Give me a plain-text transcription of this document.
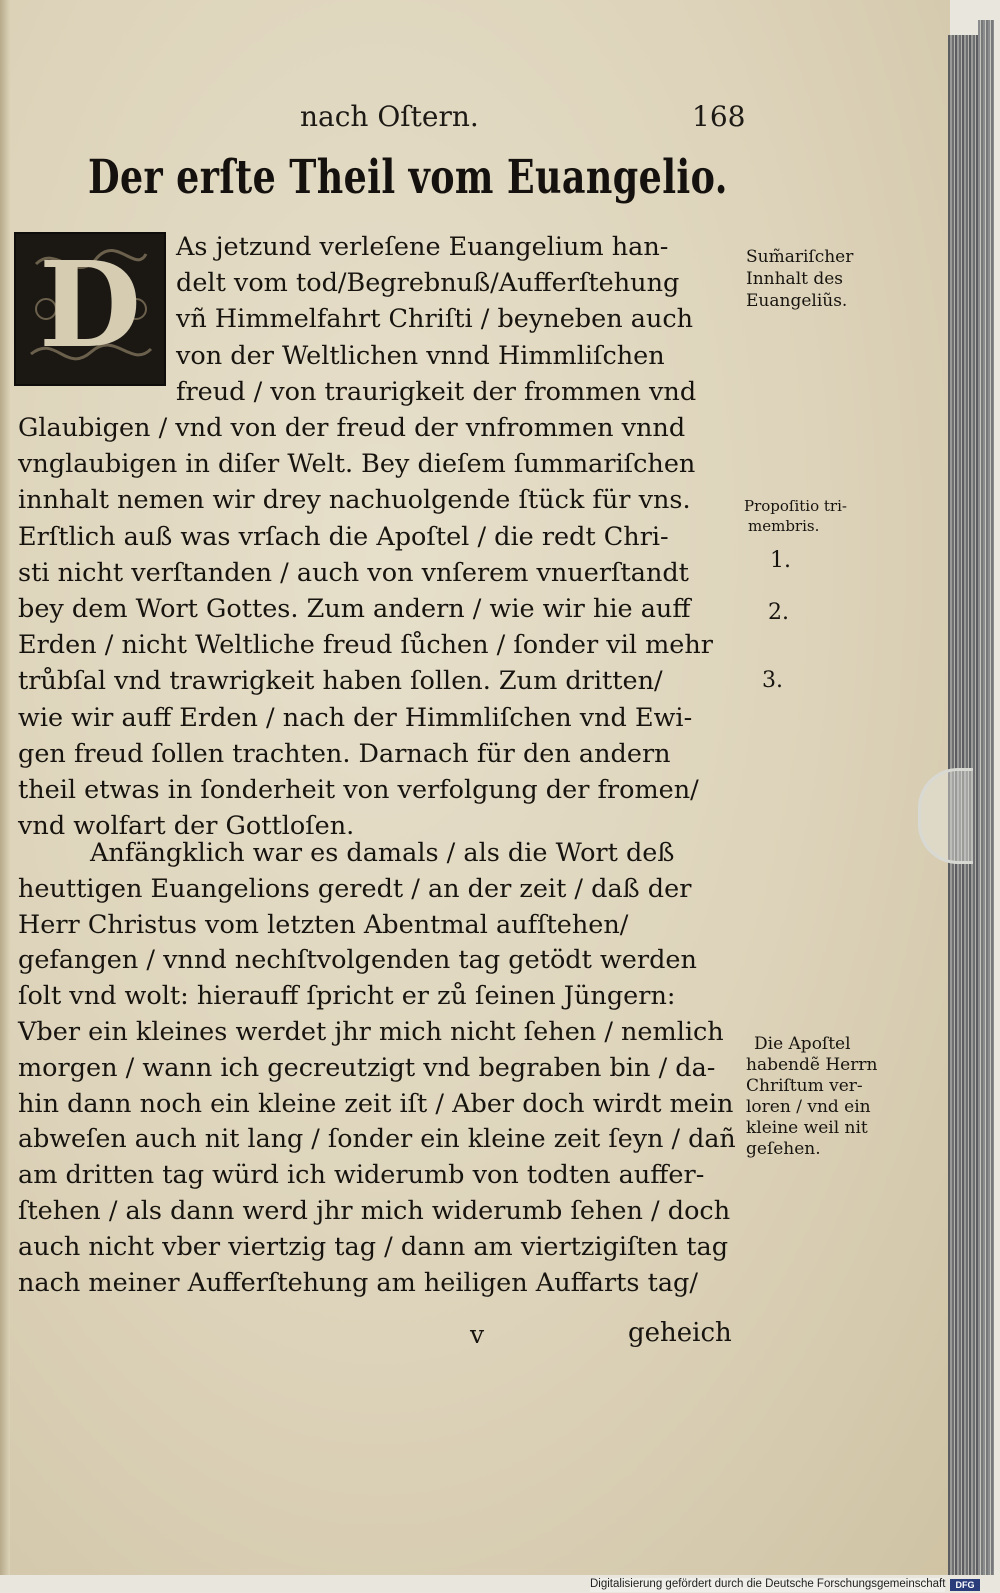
nach Oſtern.	168
Der erſte Theil vom Euangelio.
D	As jetzund verleſene Euangelium han-
delt vom tod/Begrebnuß/Aufferſtehung
vñ Himmelfahrt Chriſti / beyneben auch
von der Weltlichen vnnd Himmliſchen
freud / von traurigkeit der frommen vnd
Glaubigen / vnd von der freud der vnfrommen vnnd
vnglaubigen in diſer Welt. Bey dieſem ſummariſchen
innhalt nemen wir drey nachuolgende ſtück für vns.
Erſtlich auß was vrſach die Apoſtel / die redt Chri-
sti nicht verſtanden / auch von vnſerem vnuerſtandt
bey dem Wort Gottes. Zum andern / wie wir hie auff
Erden / nicht Weltliche freud ſůchen / ſonder vil mehr
trůbſal vnd trawrigkeit haben ſollen. Zum dritten/
wie wir auff Erden / nach der Himmliſchen vnd Ewi-
gen freud ſollen trachten. Darnach für den andern
theil etwas in ſonderheit von verfolgung der fromen/
vnd wolfart der Gottloſen.
Anfängklich war es damals / als die Wort deß
heuttigen Euangelions geredt / an der zeit / daß der
Herr Christus vom letzten Abentmal aufſtehen/
gefangen / vnnd nechſtvolgenden tag getödt werden
ſolt vnd wolt: hierauff ſpricht er zů ſeinen Jüngern:
Vber ein kleines werdet jhr mich nicht ſehen / nemlich
morgen / wann ich gecreutzigt vnd begraben bin / da-
hin dann noch ein kleine zeit iſt / Aber doch wirdt mein
abweſen auch nit lang / ſonder ein kleine zeit ſeyn / dañ
am dritten tag würd ich widerumb von todten auffer-
ſtehen / als dann werd jhr mich widerumb ſehen / doch
auch nicht vber viertzig tag / dann am viertzigiſten tag
nach meiner Aufferſtehung am heiligen Auffarts tag/
v	geheich
Sum̃ariſcher
Innhalt des
Euangeliũs.
Propoſitio tri-
membris.
1.
2.
3.
Die Apoſtel
habendẽ Herrn
Chriſtum ver-
loren / vnd ein
kleine weil nit
geſehen.
Digitalisierung gefördert durch die Deutsche Forschungsgemeinschaft	DFG
